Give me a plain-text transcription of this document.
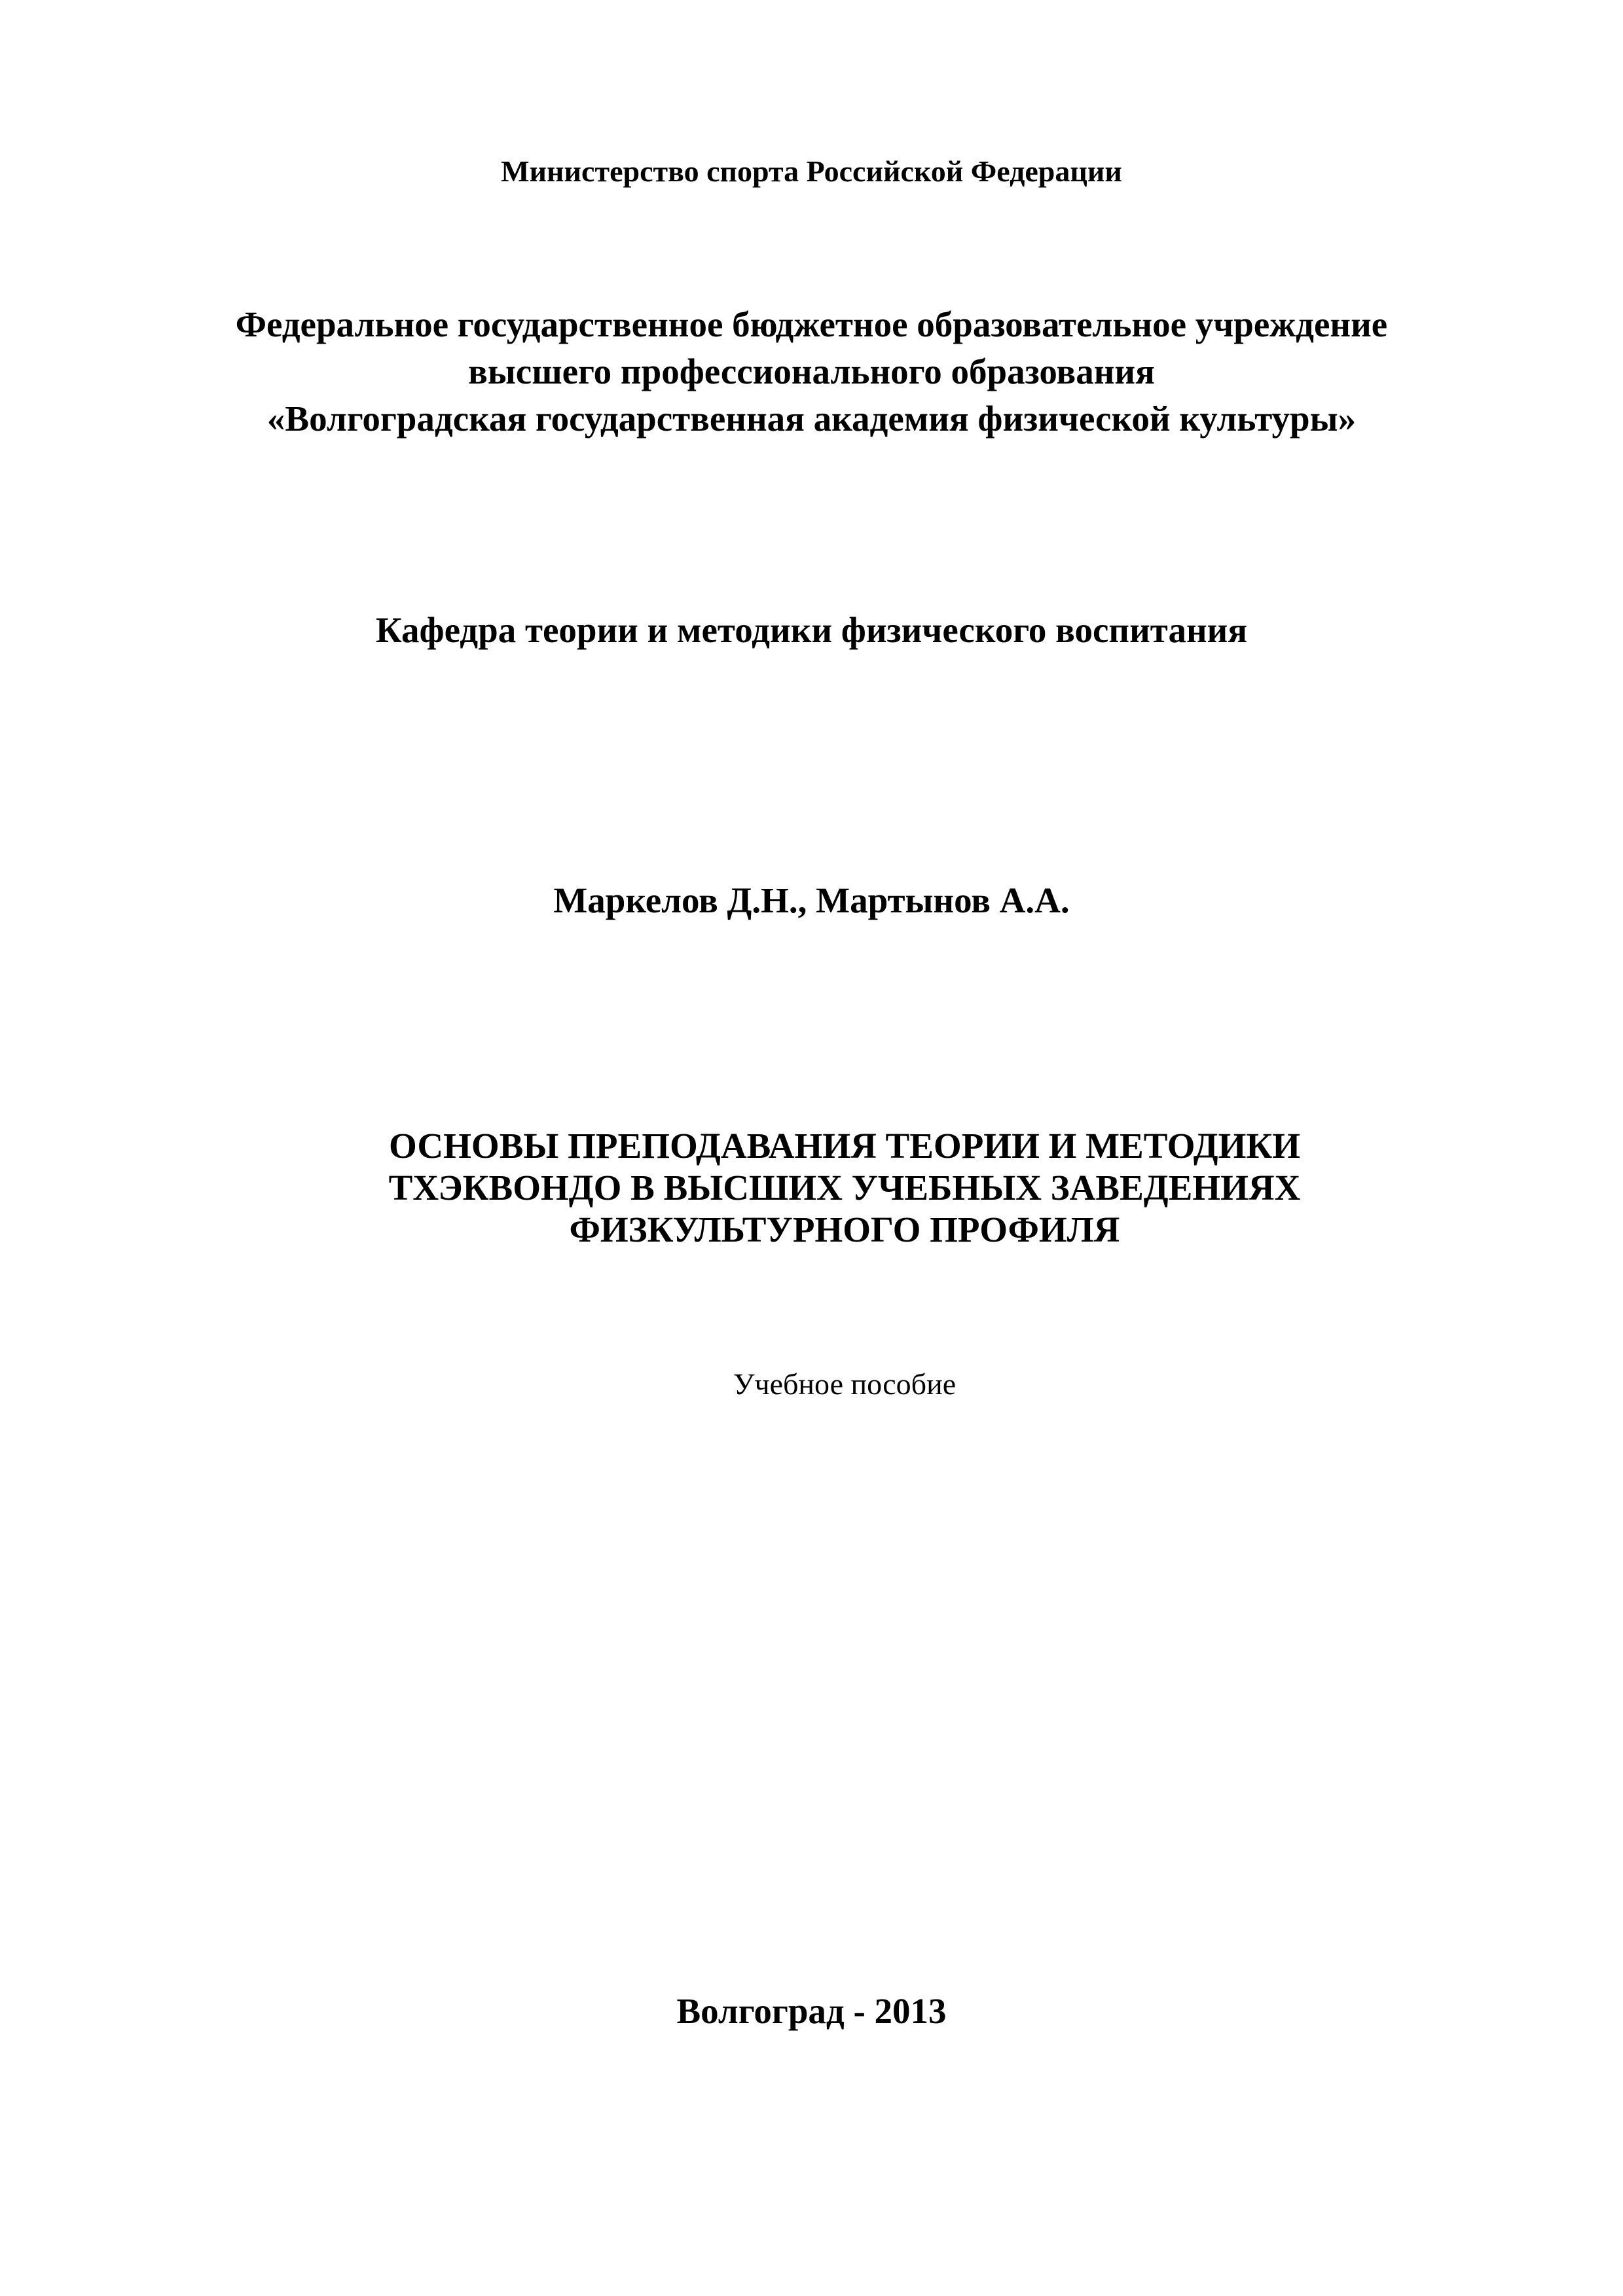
Министерство спорта Российской Федерации
Федеральное государственное бюджетное образовательное учреждение
высшего профессионального образования
«Волгоградская государственная академия физической культуры»
Кафедра теории и методики физического воспитания
Маркелов Д.Н., Мартынов А.А.
ОСНОВЫ ПРЕПОДАВАНИЯ ТЕОРИИ И МЕТОДИКИ
ТХЭКВОНДО В ВЫСШИХ УЧЕБНЫХ ЗАВЕДЕНИЯХ
ФИЗКУЛЬТУРНОГО ПРОФИЛЯ
Учебное пособие
Волгоград - 2013
